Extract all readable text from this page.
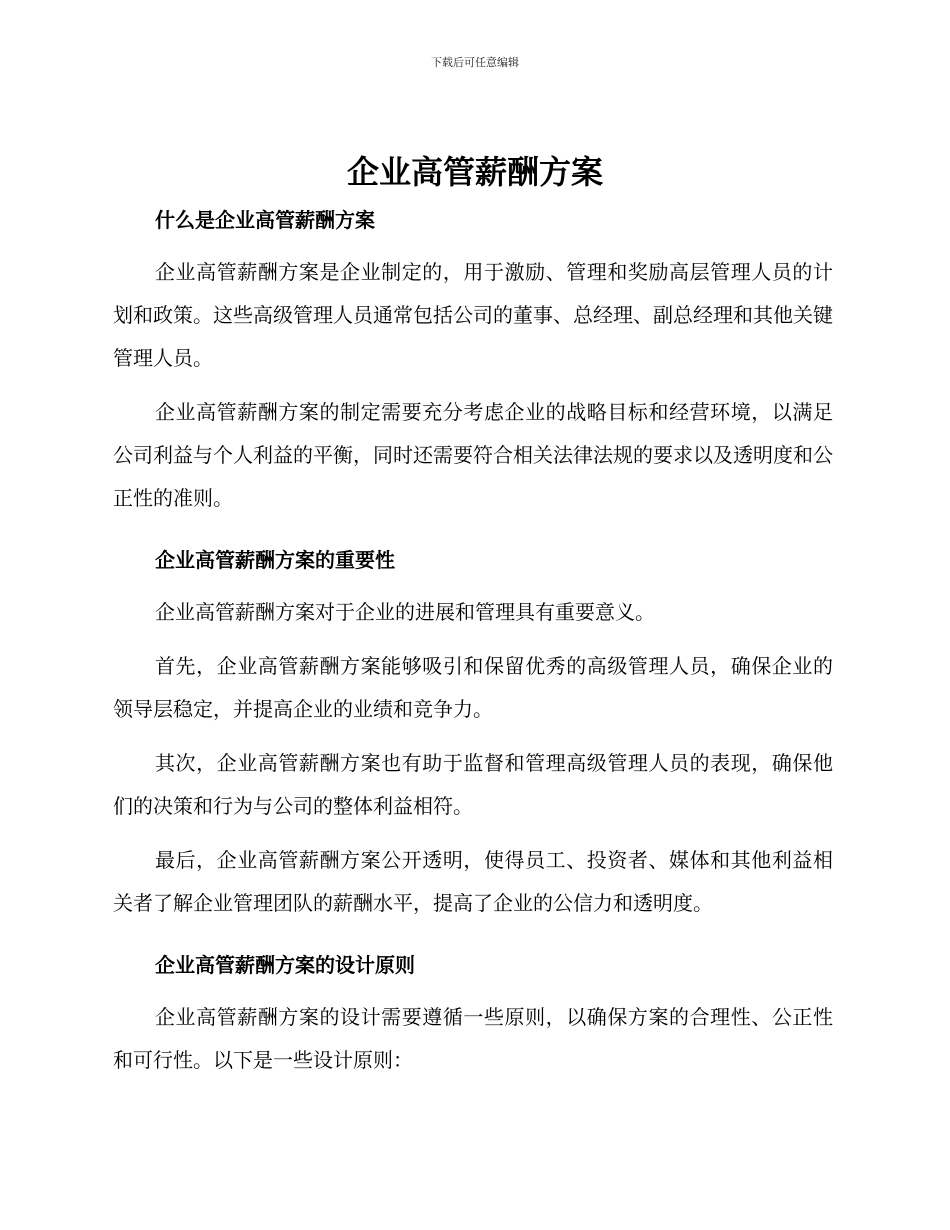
下载后可任意编辑
企业高管薪酬方案
什么是企业高管薪酬方案

企业高管薪酬方案是企业制定的，用于激励、管理和奖励高层管理人员的计划和政策。这些高级管理人员通常包括公司的董事、总经理、副总经理和其他关键管理人员。

企业高管薪酬方案的制定需要充分考虑企业的战略目标和经营环境，以满足公司利益与个人利益的平衡，同时还需要符合相关法律法规的要求以及透明度和公正性的准则。

企业高管薪酬方案的重要性

企业高管薪酬方案对于企业的进展和管理具有重要意义。

首先，企业高管薪酬方案能够吸引和保留优秀的高级管理人员，确保企业的领导层稳定，并提高企业的业绩和竞争力。

其次，企业高管薪酬方案也有助于监督和管理高级管理人员的表现，确保他们的决策和行为与公司的整体利益相符。

最后，企业高管薪酬方案公开透明，使得员工、投资者、媒体和其他利益相关者了解企业管理团队的薪酬水平，提高了企业的公信力和透明度。

企业高管薪酬方案的设计原则

企业高管薪酬方案的设计需要遵循一些原则，以确保方案的合理性、公正性和可行性。以下是一些设计原则：
